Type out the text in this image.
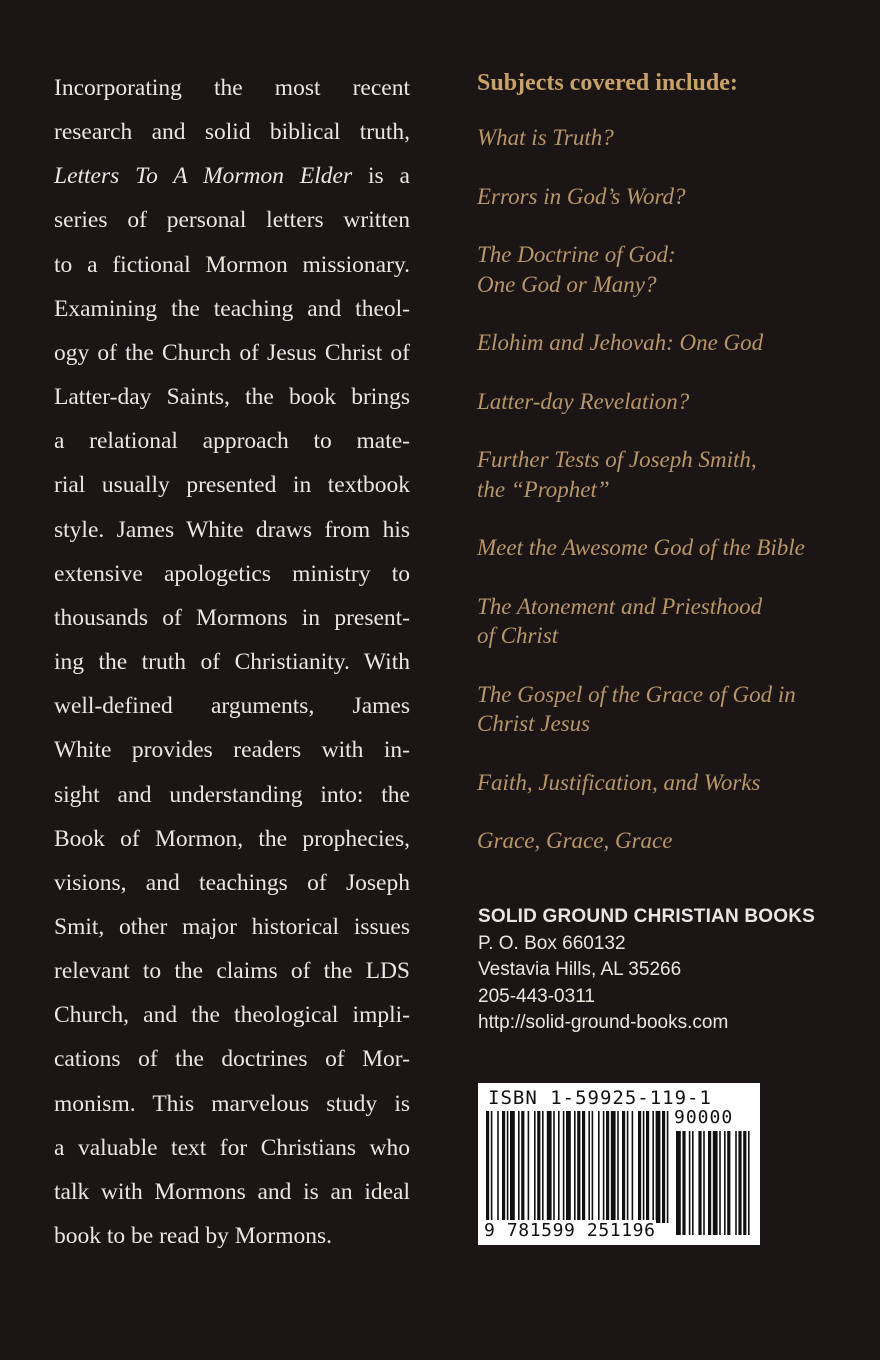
Incorporating the most recent
research and solid biblical truth,
Letters To A Mormon Elder is a
series of personal letters written
to a fictional Mormon missionary.
Examining the teaching and theol-
ogy of the Church of Jesus Christ of
Latter-day Saints, the book brings
a relational approach to mate-
rial usually presented in textbook
style. James White draws from his
extensive apologetics ministry to
thousands of Mormons in present-
ing the truth of Christianity. With
well-defined arguments, James
White provides readers with in-
sight and understanding into: the
Book of Mormon, the prophecies,
visions, and teachings of Joseph
Smit, other major historical issues
relevant to the claims of the LDS
Church, and the theological impli-
cations of the doctrines of Mor-
monism. This marvelous study is
a valuable text for Christians who
talk with Mormons and is an ideal
book to be read by Mormons.
Subjects covered include:
What is Truth?
Errors in God’s Word?
The Doctrine of God:
One God or Many?
Elohim and Jehovah: One God
Latter-day Revelation?
Further Tests of Joseph Smith,
the “Prophet”
Meet the Awesome God of the Bible
The Atonement and Priesthood
of Christ
The Gospel of the Grace of God in
Christ Jesus
Faith, Justification, and Works
Grace, Grace, Grace
SOLID GROUND CHRISTIAN BOOKS
P. O. Box 660132
Vestavia Hills, AL 35266
205-443-0311
http://solid-ground-books.com
ISBN 1-59925-119-1
90000
9 781599 251196
